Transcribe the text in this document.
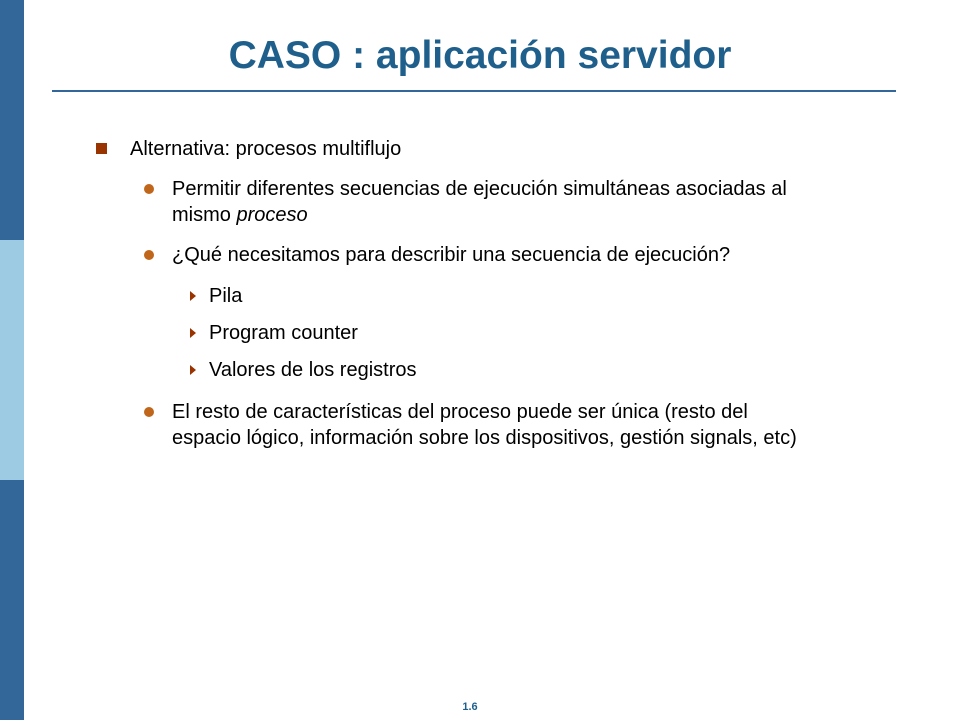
CASO : aplicación servidor
Alternativa: procesos multiflujo
Permitir diferentes secuencias de ejecución simultáneas asociadas al
mismo proceso
¿Qué necesitamos para describir una secuencia de ejecución?
Pila
Program counter
Valores de los registros
El resto de características del proceso puede ser única (resto del
espacio lógico, información sobre los dispositivos, gestión signals, etc)
1.6
